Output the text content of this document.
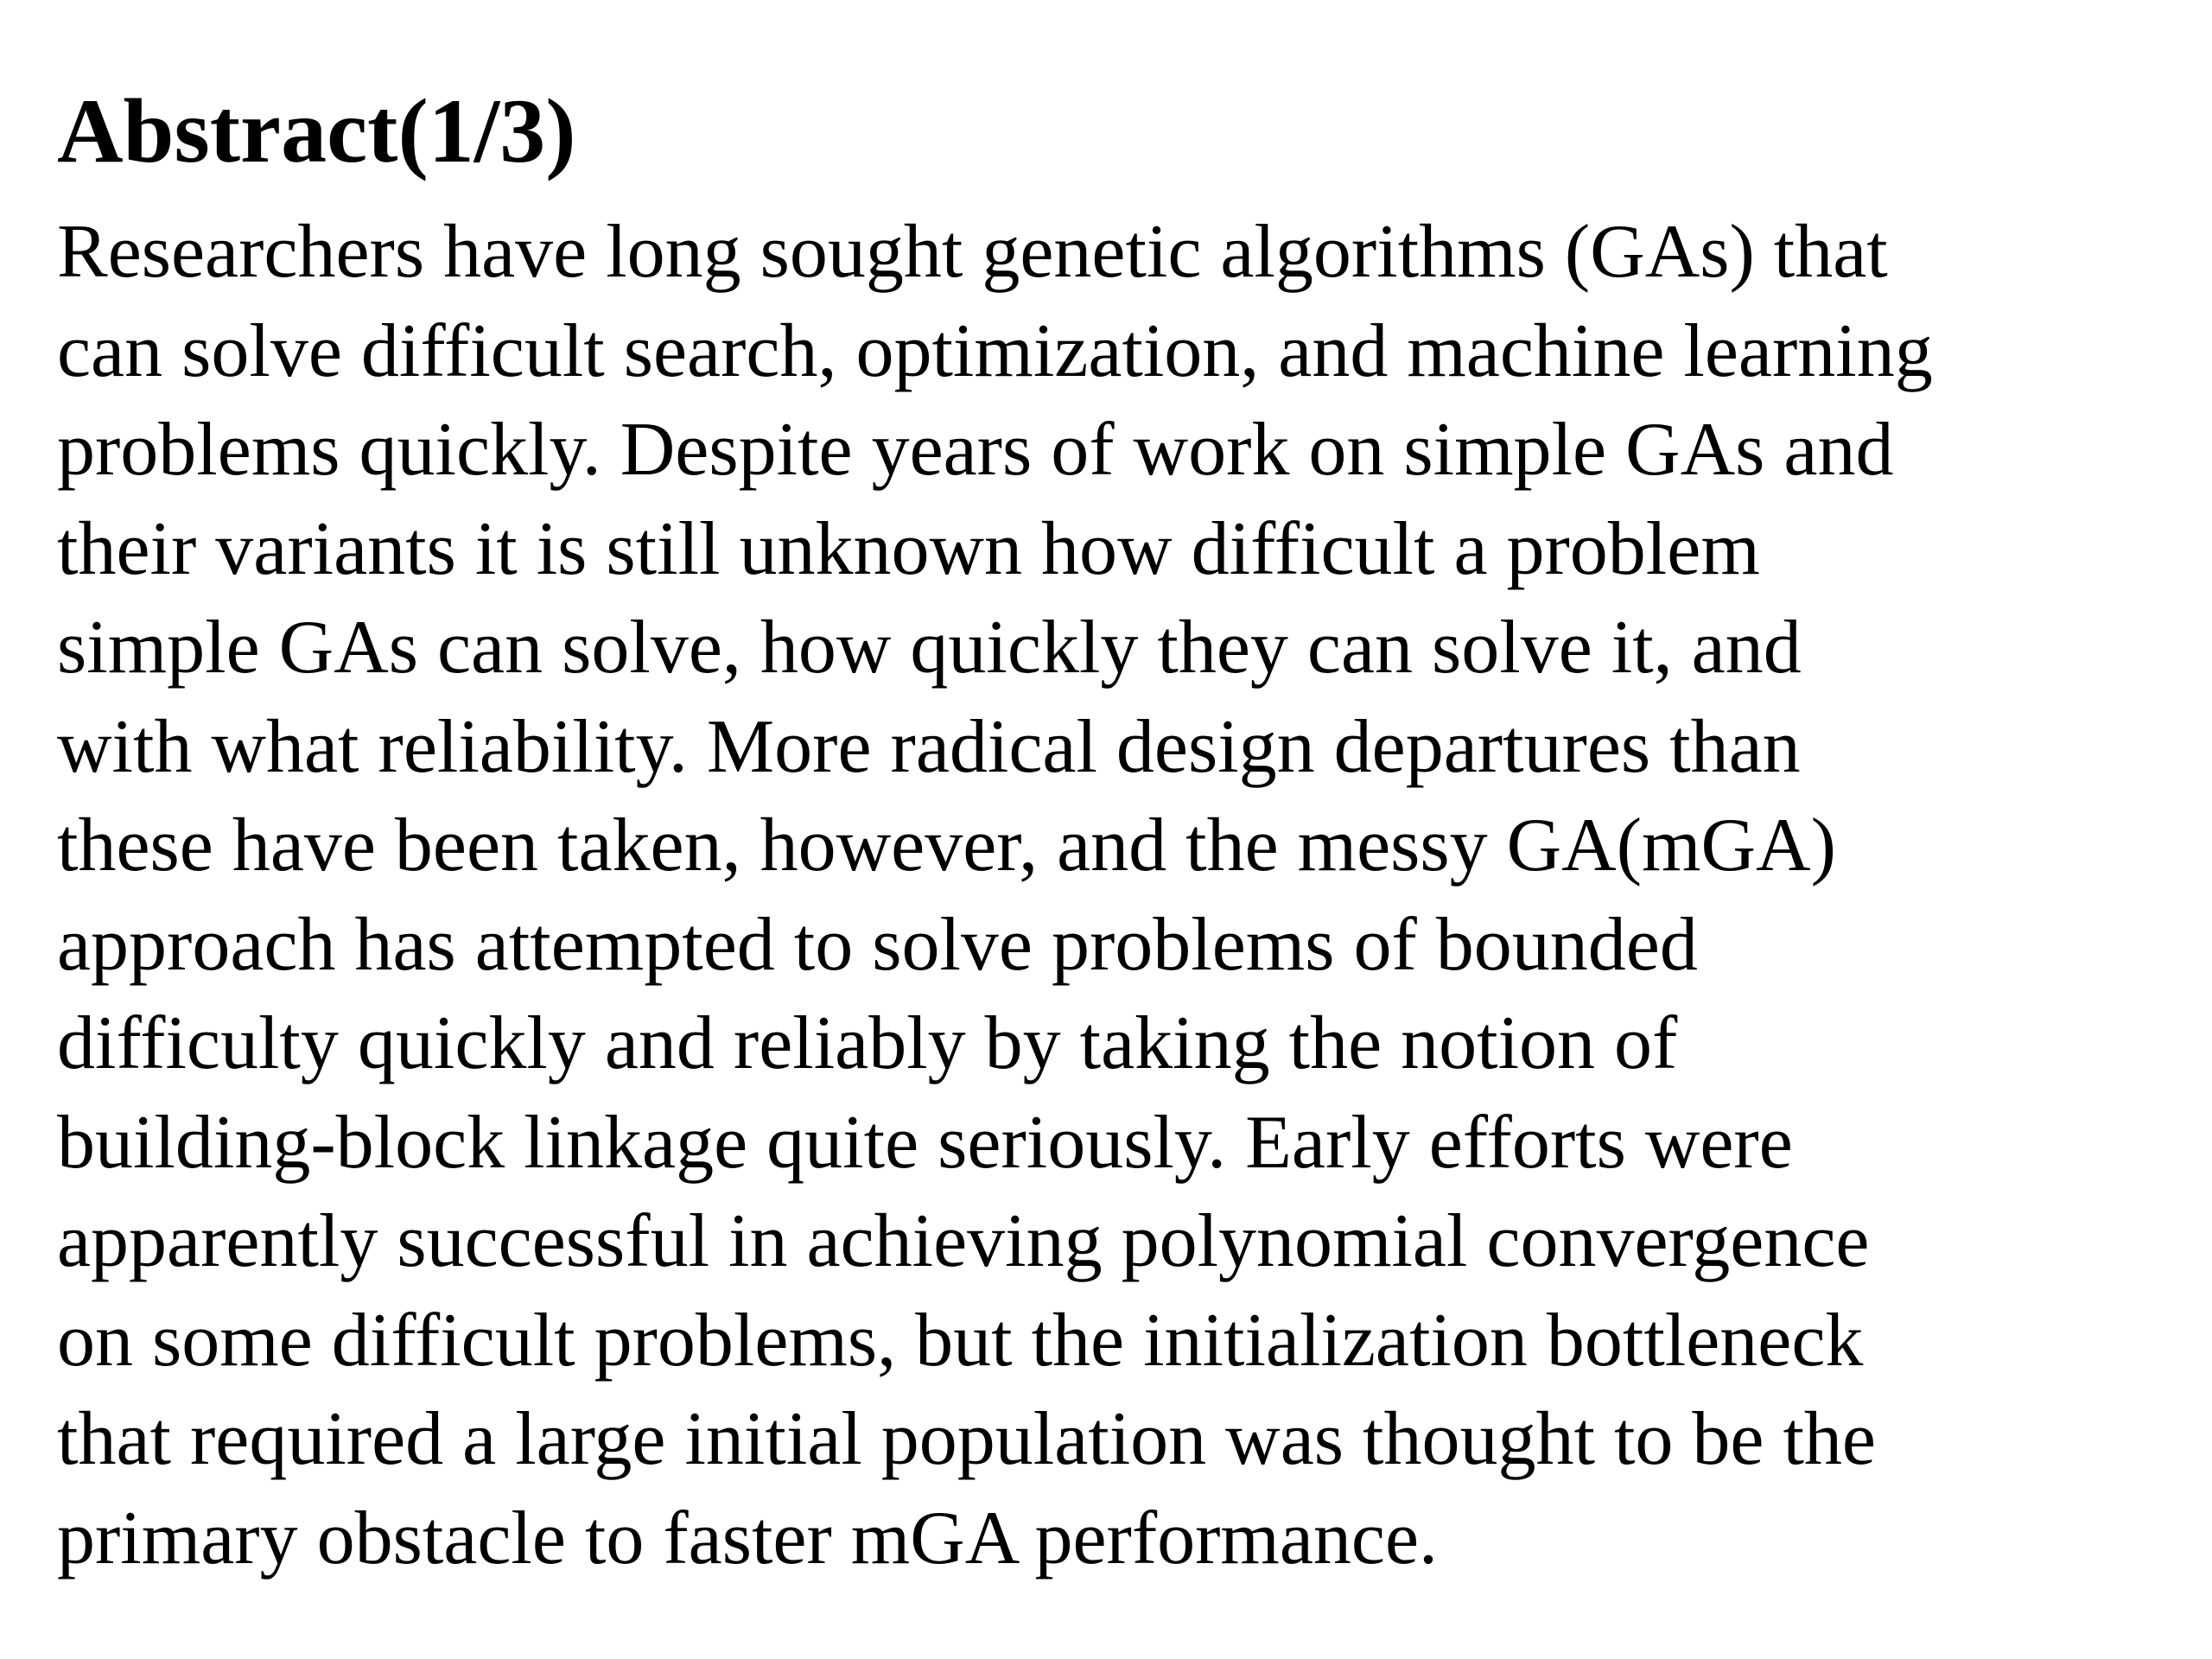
Abstract(1/3)
Researchers have long sought genetic algorithms (GAs) that
can solve difficult search, optimization, and machine learning
problems quickly. Despite years of work on simple GAs and
their variants it is still unknown how difficult a problem
simple GAs can solve, how quickly they can solve it, and
with what reliability. More radical design departures than
these have been taken, however, and the messy GA(mGA)
approach has attempted to solve problems of bounded
difficulty quickly and reliably by taking the notion of
building-block linkage quite seriously. Early efforts were
apparently successful in achieving polynomial convergence
on some difficult problems, but the initialization bottleneck
that required a large initial population was thought to be the
primary obstacle to faster mGA performance.
